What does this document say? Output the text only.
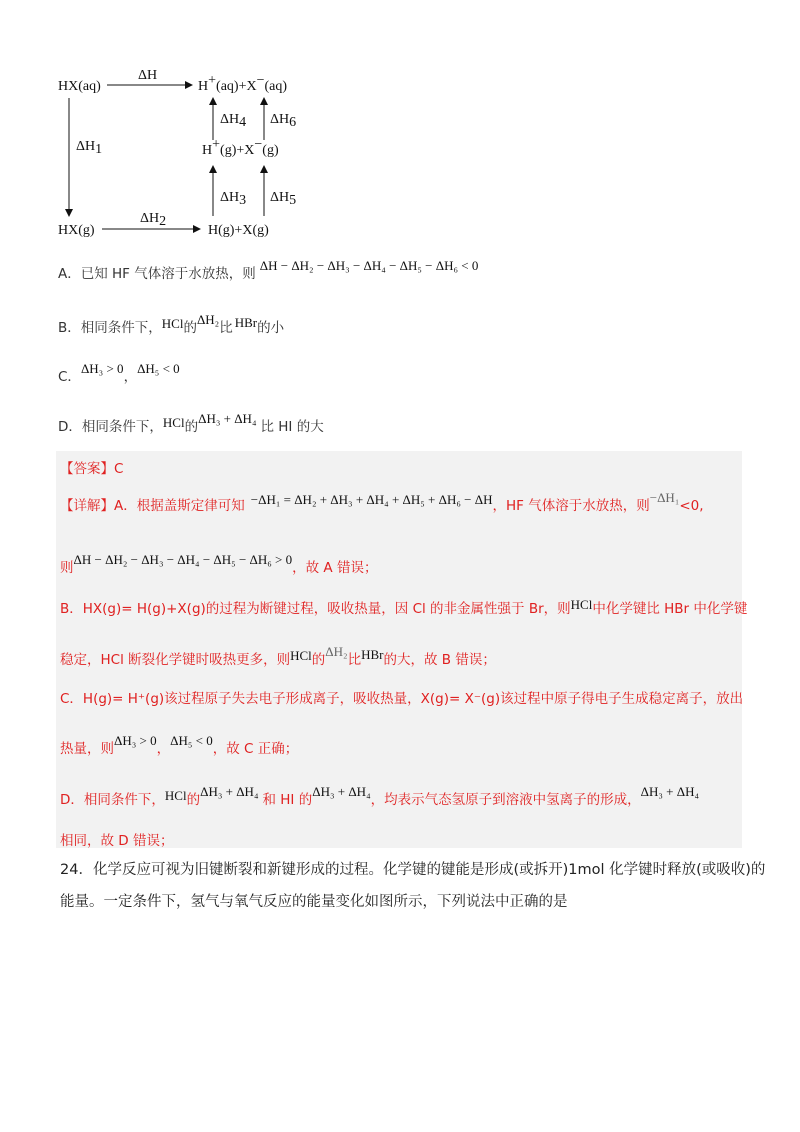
HX(aq)
ΔH
H+(aq)+X−(aq)
ΔH4 ΔH6
ΔH1	H+(g)+X−(g)
ΔH3 ΔH5
HX(g)
ΔH2
H(g)+X(g)
A．已知 HF 气体溶于水放热，则ΔH − ΔH₂ − ΔH₃ − ΔH₄ − ΔH₅ − ΔH₆ < 0
B．相同条件下，HCl的ΔH₂比 HBr的小
C．ΔH₃ > 0，ΔH₅ < 0
D．相同条件下，HCl的ΔH₃ + ΔH₄比 HI 的大
【答案】C
【详解】A．根据盖斯定律可知 −ΔH₁ = ΔH₂ + ΔH₃ + ΔH₄ + ΔH₅ + ΔH₆ − ΔH，HF 气体溶于水放热，则−ΔH₁<0,
则ΔH − ΔH₂ − ΔH₃ − ΔH₄ − ΔH₅ − ΔH₆ > 0，故 A 错误；
B．HX(g)= H(g)+X(g)的过程为断键过程，吸收热量，因 Cl 的非金属性强于 Br，则HCl中化学键比 HBr 中化学键
稳定，HCl 断裂化学键时吸热更多，则HCl的ΔH₂比HBr的大，故 B 错误；
C．H(g)= H⁺(g)该过程原子失去电子形成离子，吸收热量，X(g)= X⁻(g)该过程中原子得电子生成稳定离子，放出
热量，则ΔH₃ > 0，ΔH₅ < 0，故 C 正确；
D．相同条件下，HCl的ΔH₃ + ΔH₄和 HI 的ΔH₃ + ΔH₄，均表示气态氢原子到溶液中氢离子的形成，ΔH₃ + ΔH₄
相同，故 D 错误；
24．化学反应可视为旧键断裂和新键形成的过程。化学键的键能是形成(或拆开)1mol 化学键时释放(或吸收)的
能量。一定条件下，氢气与氧气反应的能量变化如图所示，下列说法中正确的是
